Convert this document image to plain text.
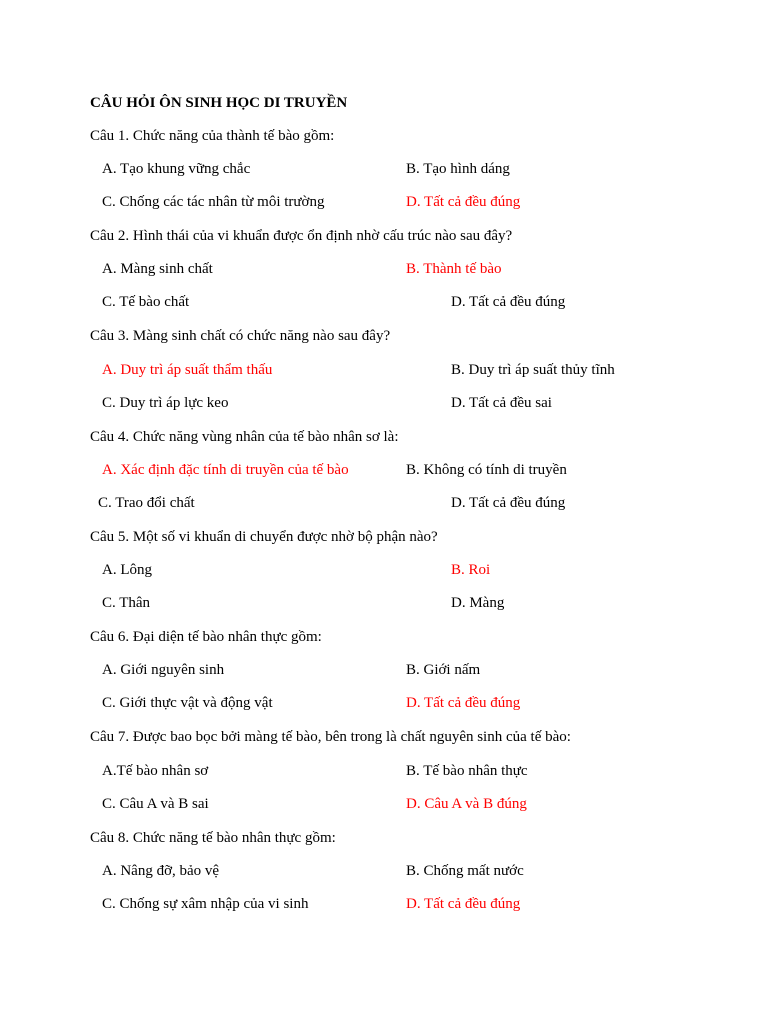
CÂU HỎI ÔN SINH HỌC DI TRUYỀN
Câu 1. Chức năng của thành tế bào gồm:
A. Tạo khung vững chắc	B. Tạo hình dáng
C. Chống các tác nhân từ môi trường	D. Tất cả đều đúng
Câu 2. Hình thái của vi khuẩn được ổn định nhờ cấu trúc nào sau đây?
A. Màng sinh chất	B. Thành tế bào
C. Tế bào chất	D. Tất cả đều đúng
Câu 3. Màng sinh chất có chức năng nào sau đây?
A. Duy trì áp suất thẩm thấu	B. Duy trì áp suất thủy tĩnh
C. Duy trì áp lực keo	D. Tất cả đều sai
Câu 4. Chức năng vùng nhân của tế bào nhân sơ là:
A. Xác định đặc tính di truyền của tế bào	B. Không có tính di truyền
C. Trao đổi chất	D. Tất cả đều đúng
Câu 5. Một số vi khuẩn di chuyển được nhờ bộ phận nào?
A. Lông	B. Roi
C. Thân	D. Màng
Câu 6. Đại diện tế bào nhân thực gồm:
A. Giới nguyên sinh	B. Giới nấm
C. Giới thực vật và động vật	D. Tất cả đều đúng
Câu 7. Được bao bọc bởi màng tế bào, bên trong là chất nguyên sinh của tế bào:
A.Tế bào nhân sơ	B. Tế bào nhân thực
C. Câu A và B sai	D. Câu A và B đúng
Câu 8. Chức năng tế bào nhân thực gồm:
A. Nâng đỡ, bảo vệ	B. Chống mất nước
C. Chống sự xâm nhập của vi sinh	D. Tất cả đều đúng
